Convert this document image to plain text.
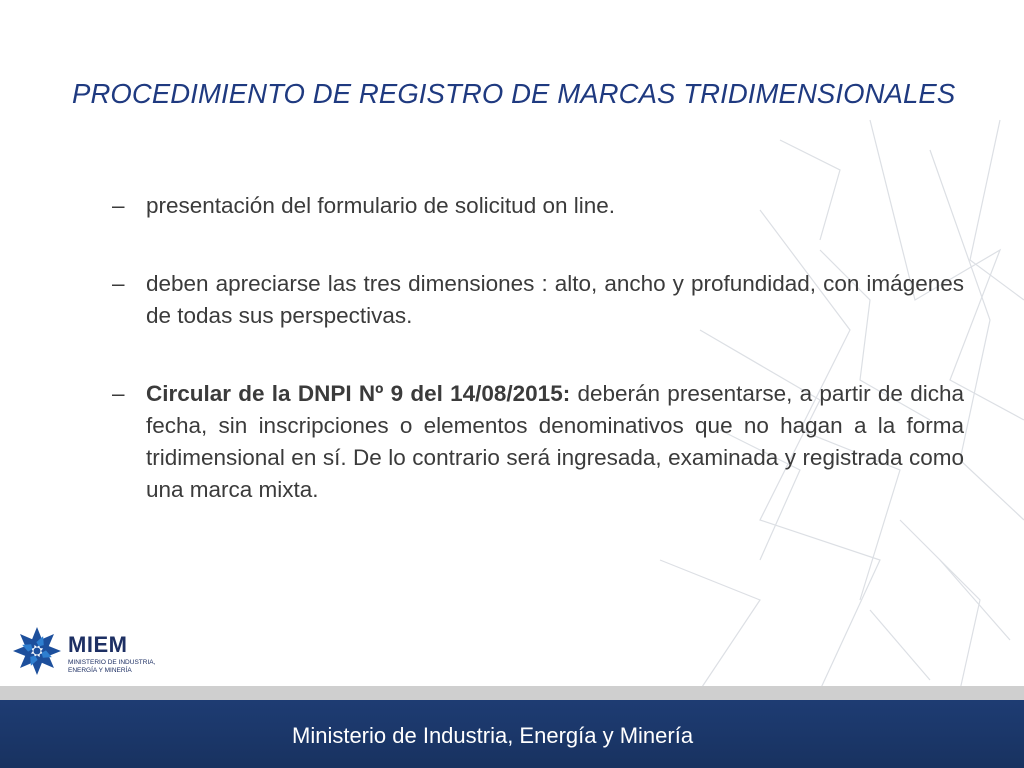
PROCEDIMIENTO DE REGISTRO DE MARCAS TRIDIMENSIONALES
– presentación del formulario de solicitud on line.
– deben apreciarse las tres dimensiones : alto, ancho y profundidad, con imágenes de todas sus perspectivas.
– Circular de la DNPI Nº 9 del 14/08/2015: deberán presentarse, a partir de dicha fecha, sin inscripciones o elementos denominativos que no hagan a la forma tridimensional en sí. De lo contrario será ingresada, examinada y registrada como una marca mixta.
MIEM
MINISTERIO DE INDUSTRIA, ENERGÍA Y MINERÍA
Ministerio de Industria, Energía y Minería
